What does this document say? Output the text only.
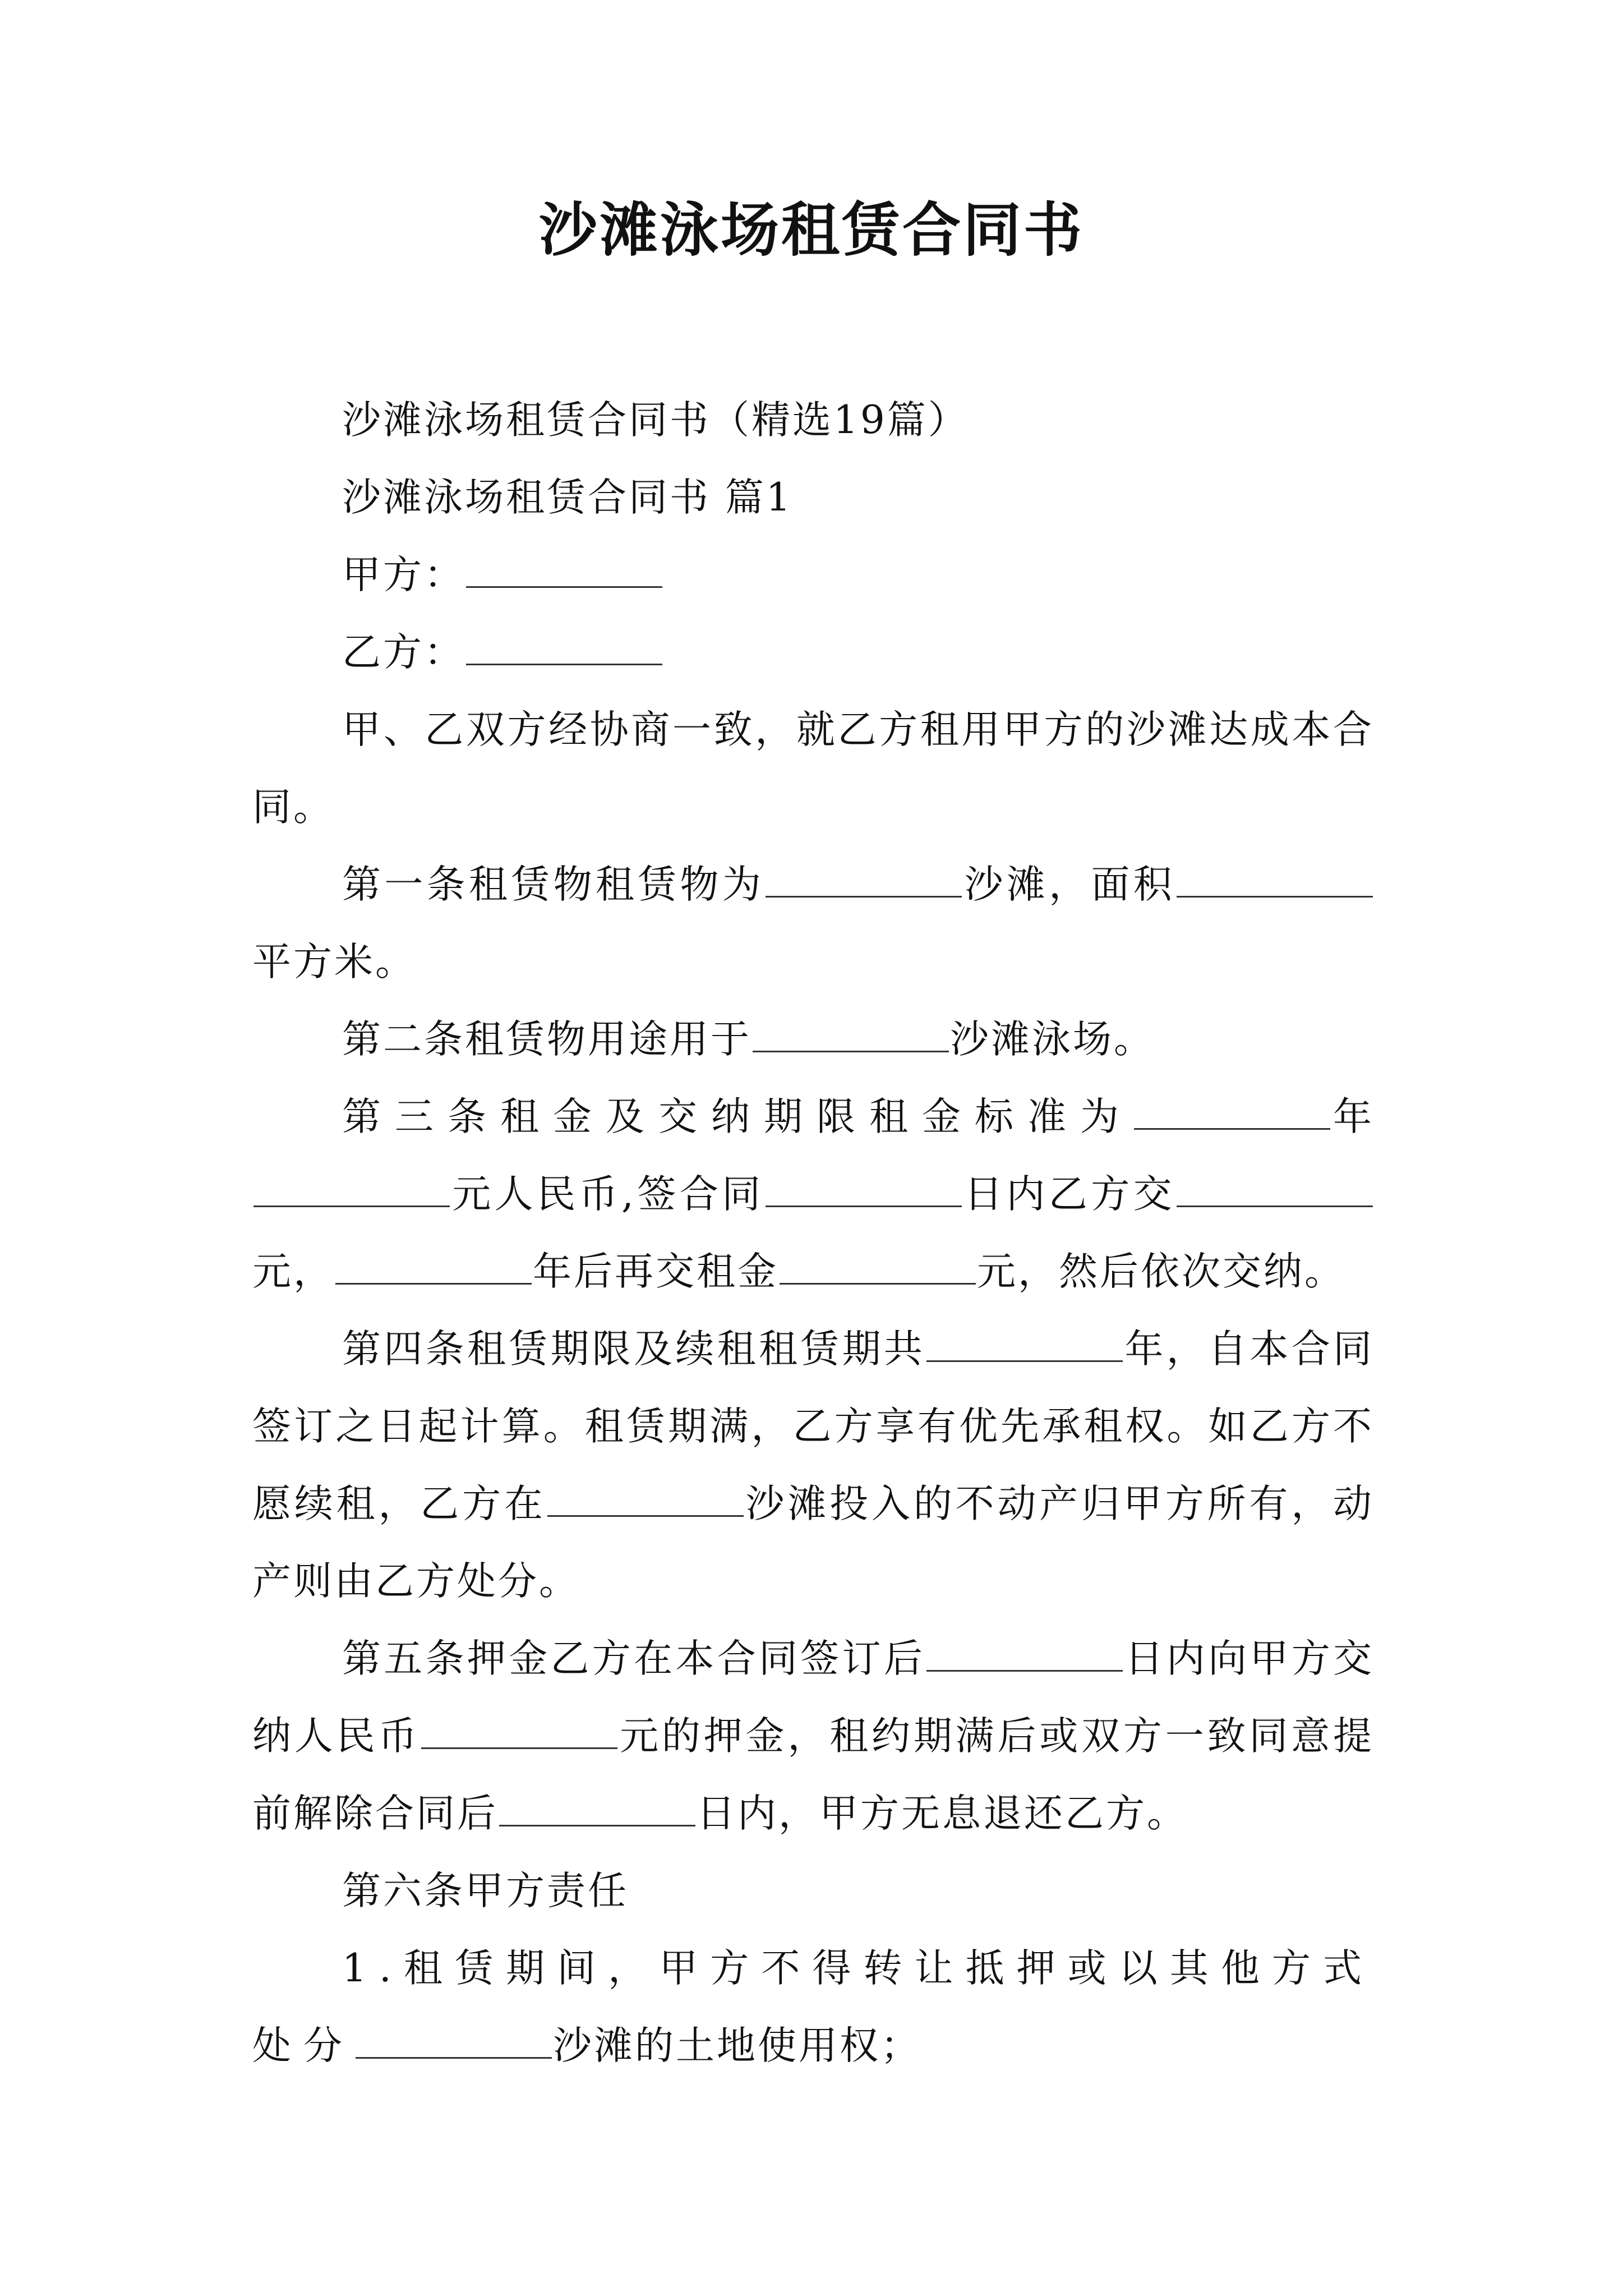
沙滩泳场租赁合同书

沙滩泳场租赁合同书（精选19篇）

沙滩泳场租赁合同书 篇1

甲方：

乙方：

甲、乙双方经协商一致，就乙方租用甲方的沙滩达成本合同。

第一条租赁物租赁物为	沙滩，面积平方米。

第二条租赁物用途用于	沙滩泳场。

第三条租金及交纳期限租金标准为	年元人民币,签合同	日内乙方交元，	年后再交租金	元，然后依次交纳。

第四条租赁期限及续租租赁期共	年，自本合同签订之日起计算。租赁期满，乙方享有优先承租权。如乙方不愿续租，乙方在	沙滩投入的不动产归甲方所有，动产则由乙方处分。

第五条押金乙方在本合同签订后	日内向甲方交纳人民币	元的押金，租约期满后或双方一致同意提前解除合同后	日内，甲方无息退还乙方。

第六条甲方责任

1.租赁期间，甲方不得转让抵押或以其他方式处分	沙滩的土地使用权；
